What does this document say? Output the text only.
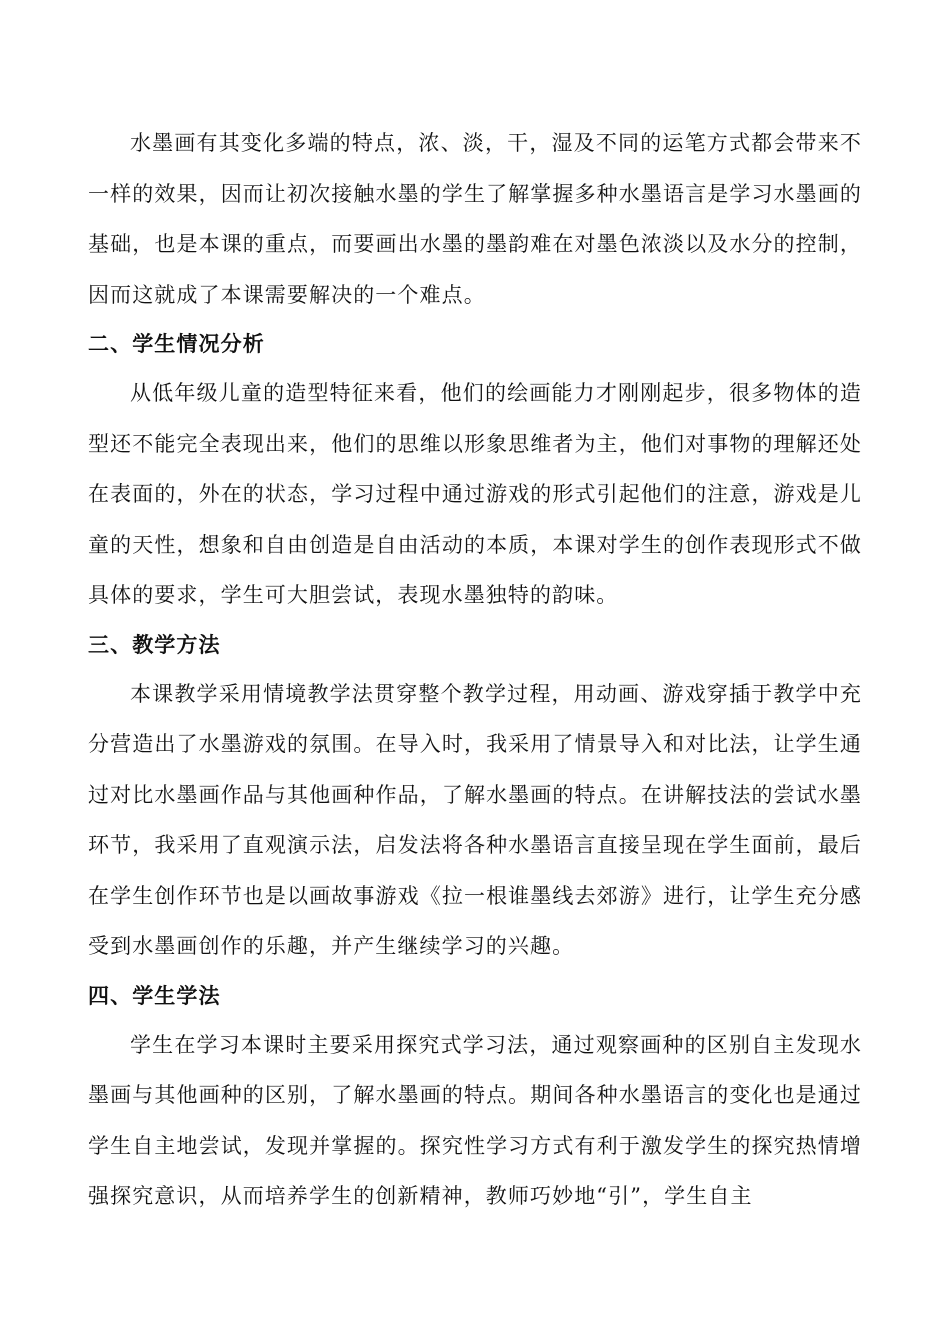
水墨画有其变化多端的特点，浓、淡，干，湿及不同的运笔方式都会带来不一样的效果，因而让初次接触水墨的学生了解掌握多种水墨语言是学习水墨画的基础，也是本课的重点，而要画出水墨的墨韵难在对墨色浓淡以及水分的控制，因而这就成了本课需要解决的一个难点。

二、学生情况分析

从低年级儿童的造型特征来看，他们的绘画能力才刚刚起步，很多物体的造型还不能完全表现出来，他们的思维以形象思维者为主，他们对事物的理解还处在表面的，外在的状态，学习过程中通过游戏的形式引起他们的注意，游戏是儿童的天性，想象和自由创造是自由活动的本质，本课对学生的创作表现形式不做具体的要求，学生可大胆尝试，表现水墨独特的韵味。

三、教学方法

本课教学采用情境教学法贯穿整个教学过程，用动画、游戏穿插于教学中充分营造出了水墨游戏的氛围。在导入时，我采用了情景导入和对比法，让学生通过对比水墨画作品与其他画种作品，了解水墨画的特点。在讲解技法的尝试水墨环节，我采用了直观演示法，启发法将各种水墨语言直接呈现在学生面前，最后在学生创作环节也是以画故事游戏《拉一根谁墨线去郊游》进行，让学生充分感受到水墨画创作的乐趣，并产生继续学习的兴趣。

四、学生学法

学生在学习本课时主要采用探究式学习法，通过观察画种的区别自主发现水墨画与其他画种的区别，了解水墨画的特点。期间各种水墨语言的变化也是通过学生自主地尝试，发现并掌握的。探究性学习方式有利于激发学生的探究热情增强探究意识，从而培养学生的创新精神，教师巧妙地“引”，学生自主
